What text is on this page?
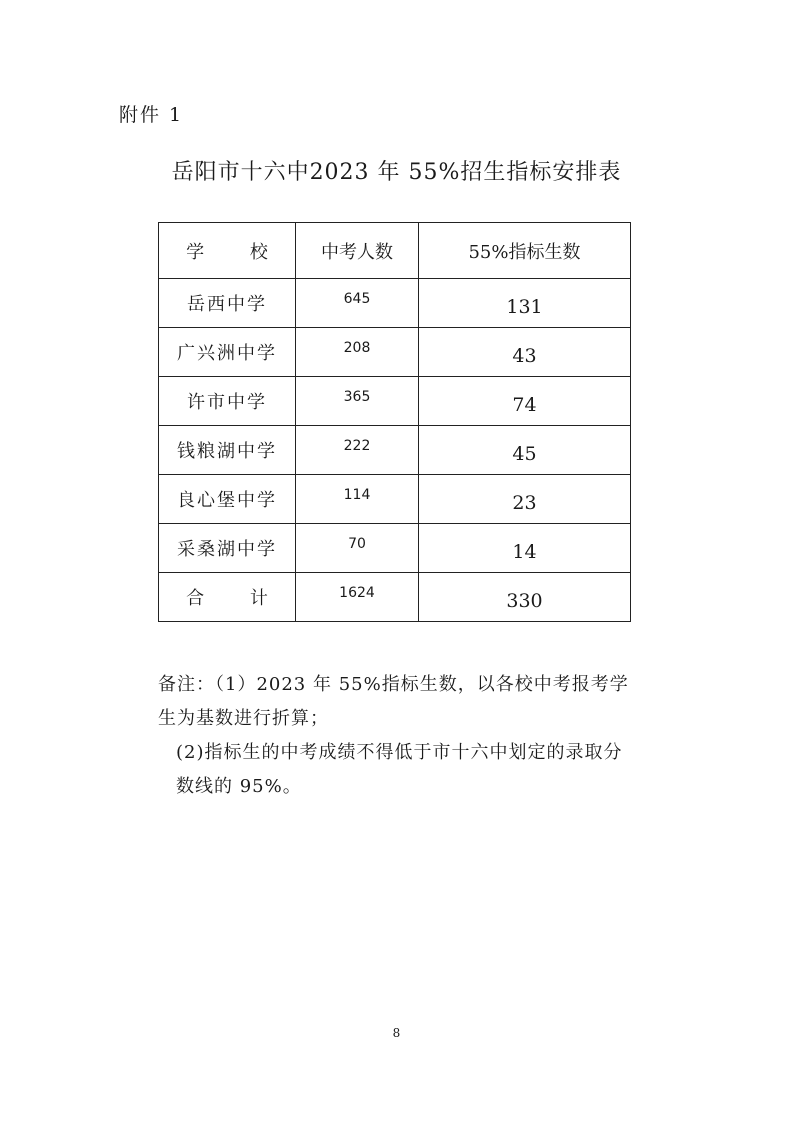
附件 1
岳阳市十六中2023 年 55%招生指标安排表
学 校	中考人数	55%指标生数
岳西中学	645	131
广兴洲中学	208	43
许市中学	365	74
钱粮湖中学	222	45
良心堡中学	114	23
采桑湖中学	70	14
合 计	1624	330

备注：（1）2023 年 55%指标生数，以各校中考报考学生为基数进行折算；

(2)指标生的中考成绩不得低于市十六中划定的录取分数线的 95%。

8
